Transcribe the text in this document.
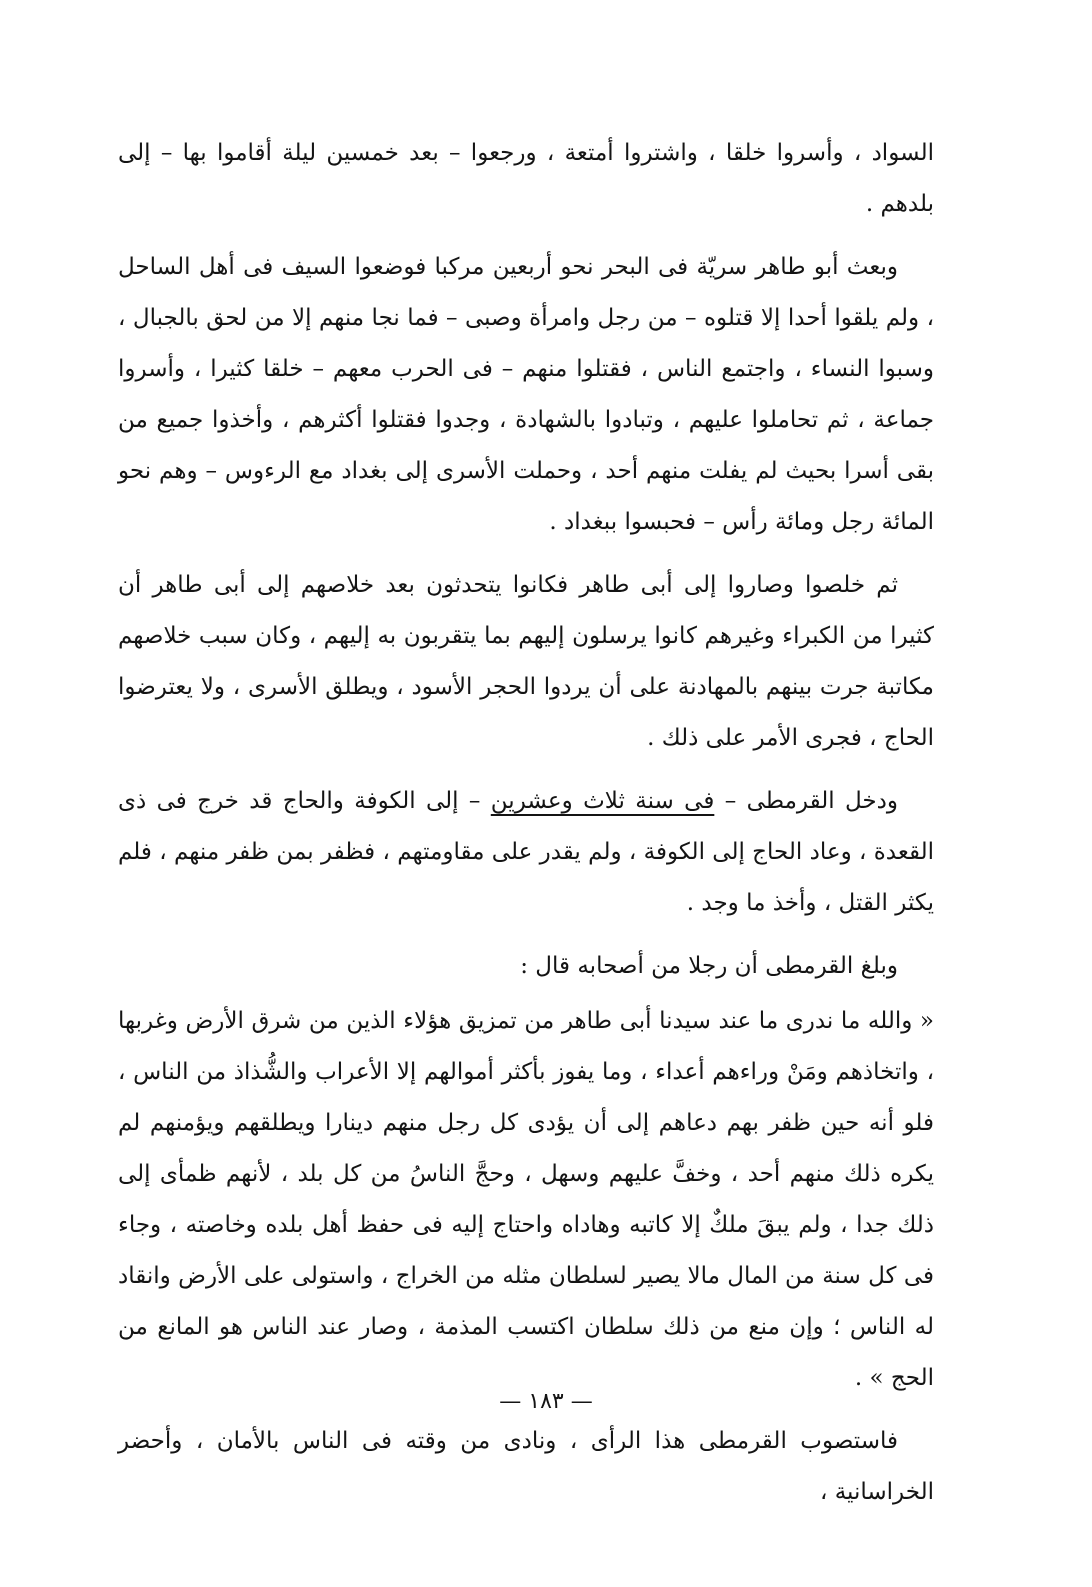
السواد ، وأسروا خلقا ، واشتروا أمتعة ، ورجعوا – بعد خمسين ليلة أقاموا بها – إلى بلدهم .

وبعث أبو طاهر سريّة فى البحر نحو أربعين مركبا فوضعوا السيف فى أهل الساحل ، ولم يلقوا أحدا إلا قتلوه – من رجل وامرأة وصبى – فما نجا منهم إلا من لحق بالجبال ، وسبوا النساء ، واجتمع الناس ، فقتلوا منهم – فى الحرب معهم – خلقا كثيرا ، وأسروا جماعة ، ثم تحاملوا عليهم ، وتبادوا بالشهادة ، وجدوا فقتلوا أكثرهم ، وأخذوا جميع من بقى أسرا بحيث لم يفلت منهم أحد ، وحملت الأسرى إلى بغداد مع الرءوس – وهم نحو المائة رجل ومائة رأس – فحبسوا ببغداد .

ثم خلصوا وصاروا إلى أبى طاهر فكانوا يتحدثون بعد خلاصهم إلى أبى طاهر أن كثيرا من الكبراء وغيرهم كانوا يرسلون إليهم بما يتقربون به إليهم ، وكان سبب خلاصهم مكاتبة جرت بينهم بالمهادنة على أن يردوا الحجر الأسود ، ويطلق الأسرى ، ولا يعترضوا الحاج ، فجرى الأمر على ذلك .

ودخل القرمطى – فى سنة ثلاث وعشرين – إلى الكوفة والحاج قد خرج فى ذى القعدة ، وعاد الحاج إلى الكوفة ، ولم يقدر على مقاومتهم ، فظفر بمن ظفر منهم ، فلم يكثر القتل ، وأخذ ما وجد .

وبلغ القرمطى أن رجلا من أصحابه قال :

« والله ما ندرى ما عند سيدنا أبى طاهر من تمزيق هؤلاء الذين من شرق الأرض وغربها ، واتخاذهم ومَنْ وراءهم أعداء ، وما يفوز بأكثر أموالهم إلا الأعراب والشُّذاذ من الناس ، فلو أنه حين ظفر بهم دعاهم إلى أن يؤدى كل رجل منهم دينارا ويطلقهم ويؤمنهم لم يكره ذلك منهم أحد ، وخفَّ عليهم وسهل ، وحجَّ الناسُ من كل بلد ، لأنهم ظمأى إلى ذلك جدا ، ولم يبقَ ملكٌ إلا كاتبه وهاداه واحتاج إليه فى حفظ أهل بلده وخاصته ، وجاء فى كل سنة من المال مالا يصير لسلطان مثله من الخراج ، واستولى على الأرض وانقاد له الناس ؛ وإن منع من ذلك سلطان اكتسب المذمة ، وصار عند الناس هو المانع من الحج » .

فاستصوب القرمطى هذا الرأى ، ونادى من وقته فى الناس بالأمان ، وأحضر الخراسانية ،

— ١٨٣ —
